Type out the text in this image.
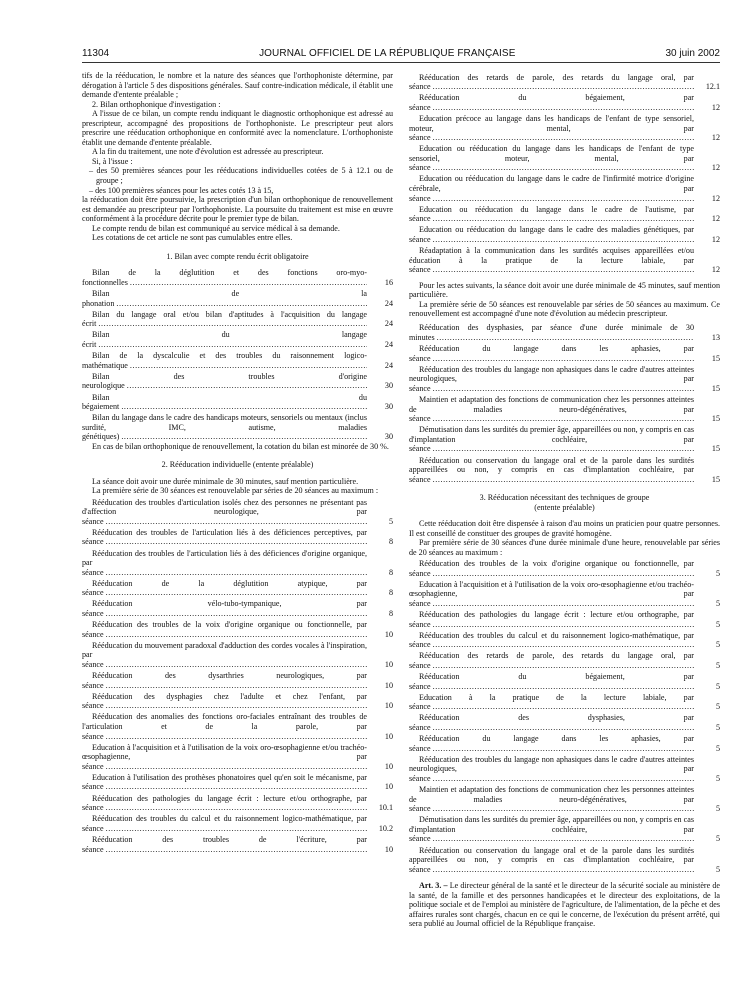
11304	JOURNAL OFFICIEL DE LA RÉPUBLIQUE FRANÇAISE	30 juin 2002

tifs de la rééducation, le nombre et la nature des séances que l'orthophoniste détermine, par dérogation à l'article 5 des dispositions générales. Sauf contre-indication médicale, il établit une demande d'entente préalable ;

2. Bilan orthophonique d'investigation :

A l'issue de ce bilan, un compte rendu indiquant le diagnostic orthophonique est adressé au prescripteur, accompagné des propositions de l'orthophoniste. Le prescripteur peut alors prescrire une rééducation orthophonique en conformité avec la nomenclature. L'orthophoniste établit une demande d'entente préalable.

A la fin du traitement, une note d'évolution est adressée au prescripteur.

Si, à l'issue :

– des 50 premières séances pour les rééducations individuelles cotées de 5 à 12.1 ou de groupe ;

– des 100 premières séances pour les actes cotés 13 à 15,

la rééducation doit être poursuivie, la prescription d'un bilan orthophonique de renouvellement est demandée au prescripteur par l'orthophoniste. La poursuite du traitement est mise en œuvre conformément à la procédure décrite pour le premier type de bilan.

Le compte rendu de bilan est communiqué au service médical à sa demande.

Les cotations de cet article ne sont pas cumulables entre elles.

1. Bilan avec compte rendu écrit obligatoire
Bilan de la déglutition et des fonctions oro-myo-fonctionnelles .....	16
Bilan de la phonation .....	24
Bilan du langage oral et/ou bilan d'aptitudes à l'acquisition du langage écrit .....	24
Bilan du langage écrit .....	24
Bilan de la dyscalculie et des troubles du raisonnement logico-mathématique .....	24
Bilan des troubles d'origine neurologique .....	30
Bilan du bégaiement .....	30
Bilan du langage dans le cadre des handicaps moteurs, sensoriels ou mentaux (inclus surdité, IMC, autisme, maladies génétiques) .....	30

En cas de bilan orthophonique de renouvellement, la cotation du bilan est minorée de 30 %.

2. Rééducation individuelle (entente préalable)

La séance doit avoir une durée minimale de 30 minutes, sauf mention particulière.

La première série de 30 séances est renouvelable par séries de 20 séances au maximum :

Rééducation des troubles d'articulation isolés chez des personnes ne présentant pas d'affection neurologique, par séance .....	5
Rééducation des troubles de l'articulation liés à des déficiences perceptives, par séance .....	8
Rééducation des troubles de l'articulation liés à des déficiences d'origine organique, par séance .....	8
Rééducation de la déglutition atypique, par séance .....	8
Rééducation vélo-tubo-tympanique, par séance .....	8
Rééducation des troubles de la voix d'origine organique ou fonctionnelle, par séance .....	10
Rééducation du mouvement paradoxal d'adduction des cordes vocales à l'inspiration, par séance .....	10
Rééducation des dysarthries neurologiques, par séance .....	10
Rééducation des dysphagies chez l'adulte et chez l'enfant, par séance .....	10
Rééducation des anomalies des fonctions oro-faciales entraînant des troubles de l'articulation et de la parole, par séance .....	10
Education à l'acquisition et à l'utilisation de la voix oro-œsophagienne et/ou trachéo-œsophagienne, par séance .....	10
Education à l'utilisation des prothèses phonatoires quel qu'en soit le mécanisme, par séance .....	10
Rééducation des pathologies du langage écrit : lecture et/ou orthographe, par séance .....	10.1
Rééducation des troubles du calcul et du raisonnement logico-mathématique, par séance .....	10.2
Rééducation des troubles de l'écriture, par séance .....	10
Rééducation des retards de parole, des retards du langage oral, par séance .....	12.1
Rééducation du bégaiement, par séance .....	12
Education précoce au langage dans les handicaps de l'enfant de type sensoriel, moteur, mental, par séance .....	12
Education ou rééducation du langage dans les handicaps de l'enfant de type sensoriel, moteur, mental, par séance .....	12
Education ou rééducation du langage dans le cadre de l'infirmité motrice d'origine cérébrale, par séance .....	12
Education ou rééducation du langage dans le cadre de l'autisme, par séance .....	12
Education ou rééducation du langage dans le cadre des maladies génétiques, par séance .....	12
Réadaptation à la communication dans les surdités acquises appareillées et/ou éducation à la pratique de la lecture labiale, par séance .....	12

Pour les actes suivants, la séance doit avoir une durée minimale de 45 minutes, sauf mention particulière.

La première série de 50 séances est renouvelable par séries de 50 séances au maximum. Ce renouvellement est accompagné d'une note d'évolution au médecin prescripteur.

Rééducation des dysphasies, par séance d'une durée minimale de 30 minutes .....	13
Rééducation du langage dans les aphasies, par séance .....	15
Rééducation des troubles du langage non aphasiques dans le cadre d'autres atteintes neurologiques, par séance .....	15
Maintien et adaptation des fonctions de communication chez les personnes atteintes de maladies neuro-dégénératives, par séance .....	15
Démutisation dans les surdités du premier âge, appareillées ou non, y compris en cas d'implantation cochléaire, par séance .....	15
Rééducation ou conservation du langage oral et de la parole dans les surdités appareillées ou non, y compris en cas d'implantation cochléaire, par séance .....	15
3. Rééducation nécessitant des techniques de groupe
(entente préalable)

Cette rééducation doit être dispensée à raison d'au moins un praticien pour quatre personnes. Il est conseillé de constituer des groupes de gravité homogène.

Par première série de 30 séances d'une durée minimale d'une heure, renouvelable par séries de 20 séances au maximum :

Rééducation des troubles de la voix d'origine organique ou fonctionnelle, par séance .....	5
Education à l'acquisition et à l'utilisation de la voix oro-œsophagienne et/ou trachéo-œsophagienne, par séance .....	5
Rééducation des pathologies du langage écrit : lecture et/ou orthographe, par séance .....	5
Rééducation des troubles du calcul et du raisonnement logico-mathématique, par séance .....	5
Rééducation des retards de parole, des retards du langage oral, par séance .....	5
Rééducation du bégaiement, par séance .....	5
Education à la pratique de la lecture labiale, par séance .....	5
Rééducation des dysphasies, par séance .....	5
Rééducation du langage dans les aphasies, par séance .....	5
Rééducation des troubles du langage non aphasiques dans le cadre d'autres atteintes neurologiques, par séance .....	5
Maintien et adaptation des fonctions de communication chez les personnes atteintes de maladies neuro-dégénératives, par séance .....	5
Démutisation dans les surdités du premier âge, appareillées ou non, y compris en cas d'implantation cochléaire, par séance .....	5
Rééducation ou conservation du langage oral et de la parole dans les surdités appareillées ou non, y compris en cas d'implantation cochléaire, par séance .....	5

Art. 3. – Le directeur général de la santé et le directeur de la sécurité sociale au ministère de la santé, de la famille et des personnes handicapées et le directeur des exploitations, de la politique sociale et de l'emploi au ministère de l'agriculture, de l'alimentation, de la pêche et des affaires rurales sont chargés, chacun en ce qui le concerne, de l'exécution du présent arrêté, qui sera publié au Journal officiel de la République française.
